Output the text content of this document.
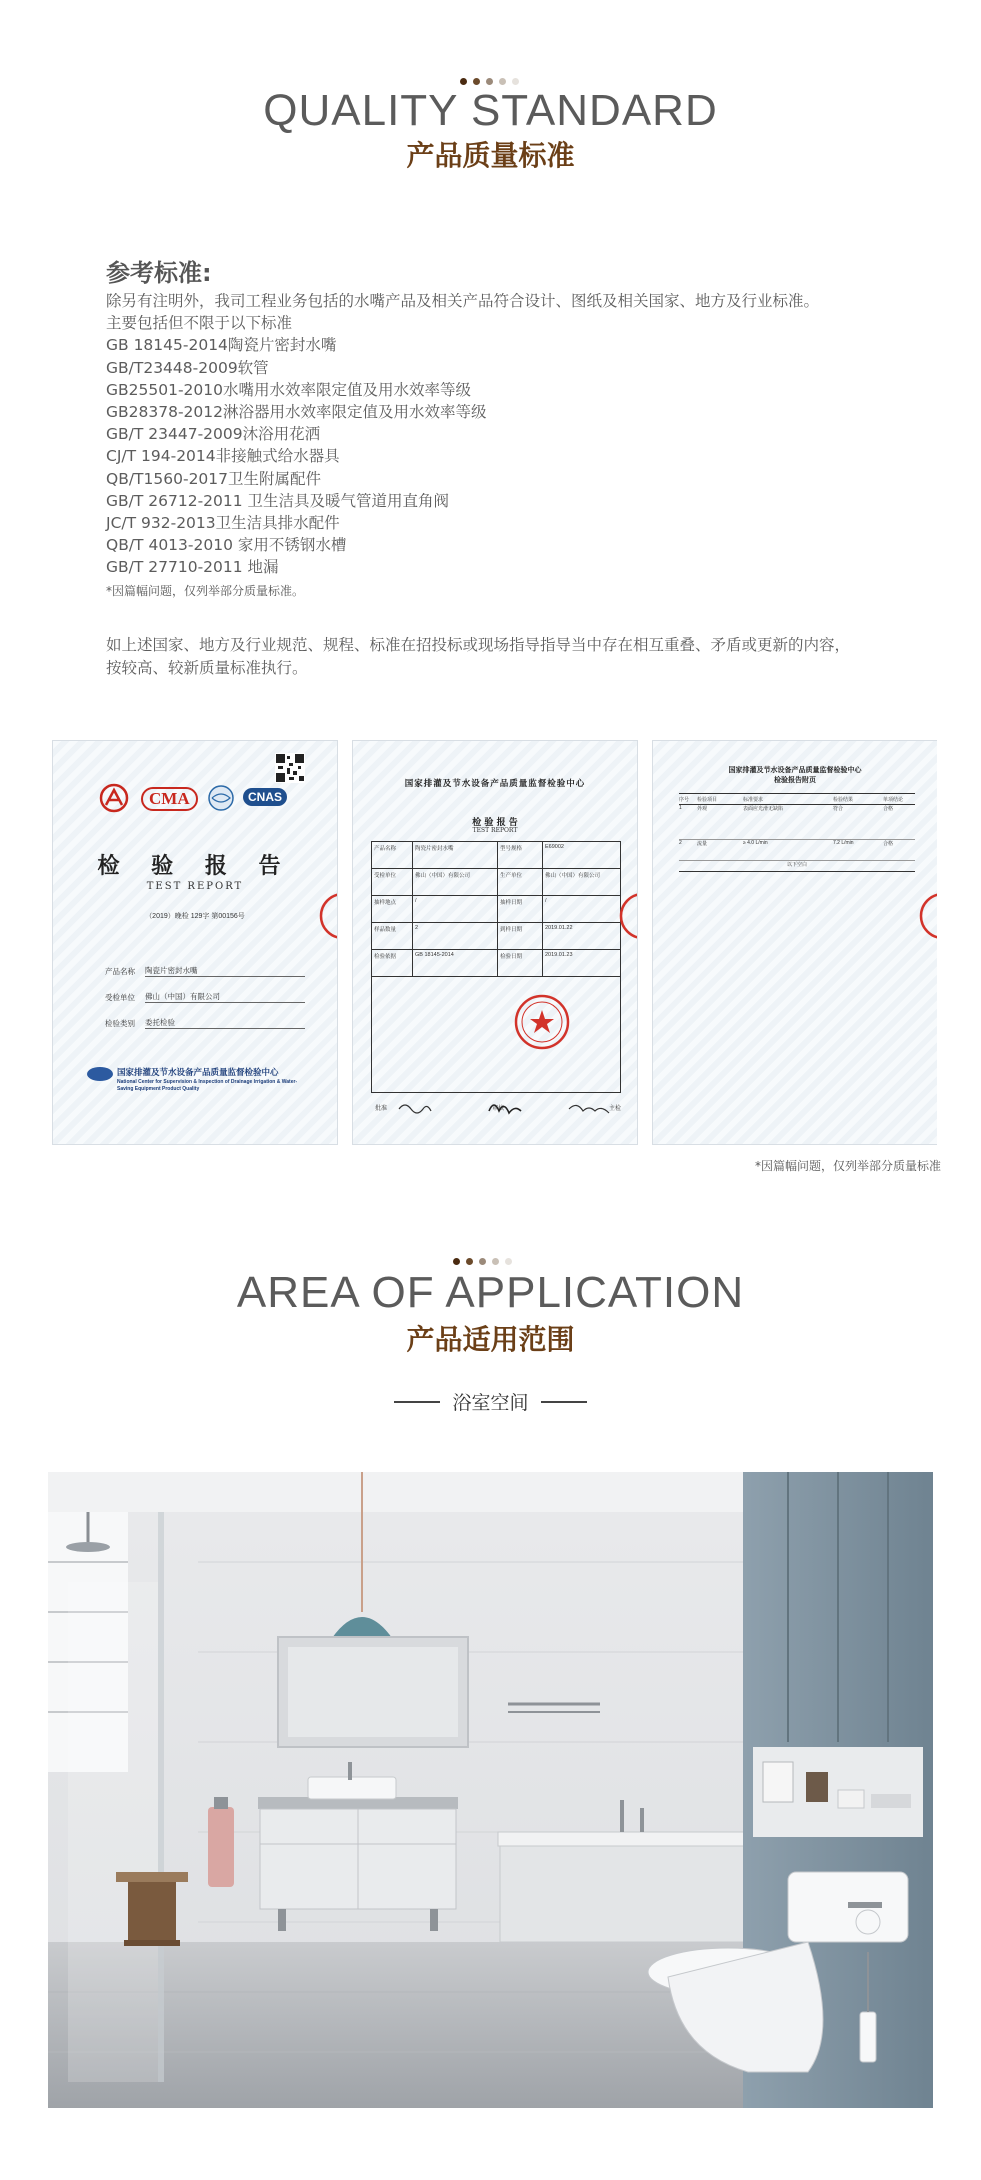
QUALITY STANDARD
产品质量标准
参考标准:
除另有注明外，我司工程业务包括的水嘴产品及相关产品符合设计、图纸及相关国家、地方及行业标准。
主要包括但不限于以下标准
GB 18145-2014陶瓷片密封水嘴
GB/T23448-2009软管
GB25501-2010水嘴用水效率限定值及用水效率等级
GB28378-2012淋浴器用水效率限定值及用水效率等级
GB/T 23447-2009沐浴用花洒
CJ/T 194-2014非接触式给水器具
QB/T1560-2017卫生附属配件
GB/T 26712-2011 卫生洁具及暖气管道用直角阀
JC/T 932-2013卫生洁具排水配件
QB/T 4013-2010 家用不锈钢水槽
GB/T 27710-2011 地漏
*因篇幅问题，仅列举部分质量标准。
如上述国家、地方及行业规范、规程、标准在招投标或现场指导指导当中存在相互重叠、矛盾或更新的内容，
按较高、较新质量标准执行。
CMA	CNAS
检 验 报 告
TEST REPORT
（2019）晚检 129字 第00156号
产品名称	陶瓷片密封水嘴
受检单位	佛山（中国）有限公司
检验类别	委托检验
国家排灌及节水设备产品质量监督检验中心
National Center for Supervision & Inspection of Drainage Irrigation & Water-Saving Equipment Product Quality
国家排灌及节水设备产品质量监督检验中心
检 验 报 告
TEST REPORT
产品名称	陶瓷片密封水嘴	型号规格	E69002
受检单位	佛山（中国）有限公司	生产单位	佛山（中国）有限公司
抽样地点	/	抽样日期	/
样品数量	2	到样日期	2019.01.22
检验依据	GB 18145-2014	检验日期	2019.01.23
批准	审核	主检
国家排灌及节水设备产品质量监督检验中心
检验报告附页
序号	检验项目	标准要求	检验结果	单项结论
1	外观	表面应光滑无缺陷	符合	合格
2	流量	≥ 4.0 L/min	7.2 L/min	合格
以下空白
*因篇幅问题，仅列举部分质量标准
AREA OF APPLICATION
产品适用范围
浴室空间
